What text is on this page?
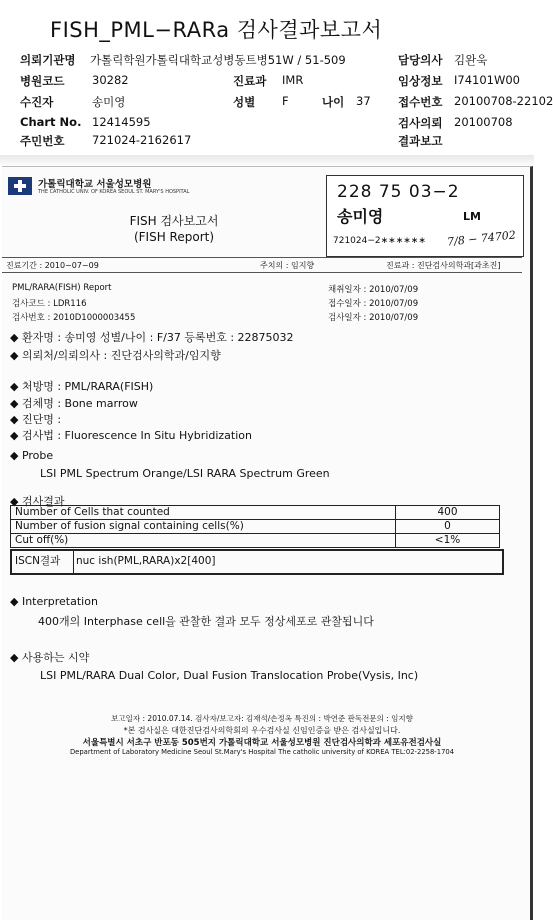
FISH_PML−RARa 검사결과보고서
의뢰기관명 가톨릭학원가톨릭대학교성병동트병51W / 51-509	담당의사 김완욱
병원코드 30282	진료과 IMR	임상정보 I74101W00
수진자	송미영	성별 F	나이 37 접수번호 20100708-22102
Chart No. 12414595	검사의뢰 20100708
주민번호 721024-2162617	결과보고
가톨릭대학교 서울성모병원
THE CATHOLIC UNIV. OF KOREA SEOUL ST. MARY'S HOSPITAL
FISH 검사보고서
(FISH Report)
228 75 03−2
송미영	LM
721024−2∗∗∗∗∗∗ 7/8 − 74702
진료기간 : 2010−07−09	주치의 : 임지향	진료과 : 진단검사의학과[과초진]
PML/RARA(FISH) Report
검사코드 : LDR116
검사번호 : 2010D1000003455
채취일자 : 2010/07/09
접수일자 : 2010/07/09
검사일자 : 2010/07/09
◆ 환자명 : 송미영 성별/나이 : F/37 등록번호 : 22875032
◆ 의뢰처/의뢰의사 : 진단검사의학과/임지향
◆ 처방명 : PML/RARA(FISH)
◆ 검체명 : Bone marrow
◆ 진단명 :
◆ 검사법 : Fluorescence In Situ Hybridization
◆ Probe
LSI PML Spectrum Orange/LSI RARA Spectrum Green
◆ 검사결과
Number of Cells that counted	400
Number of fusion signal containing cells(%)	0
Cut off(%)	<1%
ISCN결과	nuc ish(PML,RARA)x2[400]
◆ Interpretation
400개의 Interphase cell을 관찰한 결과 모두 정상세포로 관찰됩니다
◆ 사용하는 시약
LSI PML/RARA Dual Color, Dual Fusion Translocation Probe(Vysis, Inc)
보고일자 : 2010.07.14. 검사자/보고자: 김재석/손정옥 특진의 : 박연준 판독전문의 : 임지향
*본 검사실은 대한진단검사의학회의 우수검사실 신임인증을 받은 검사실입니다.
서울특별시 서초구 반포동 505번지 가톨릭대학교 서울성모병원 진단검사의학과 세포유전검사실
Department of Laboratory Medicine Seoul St.Mary's Hospital The catholic university of KOREA TEL:02-2258-1704
